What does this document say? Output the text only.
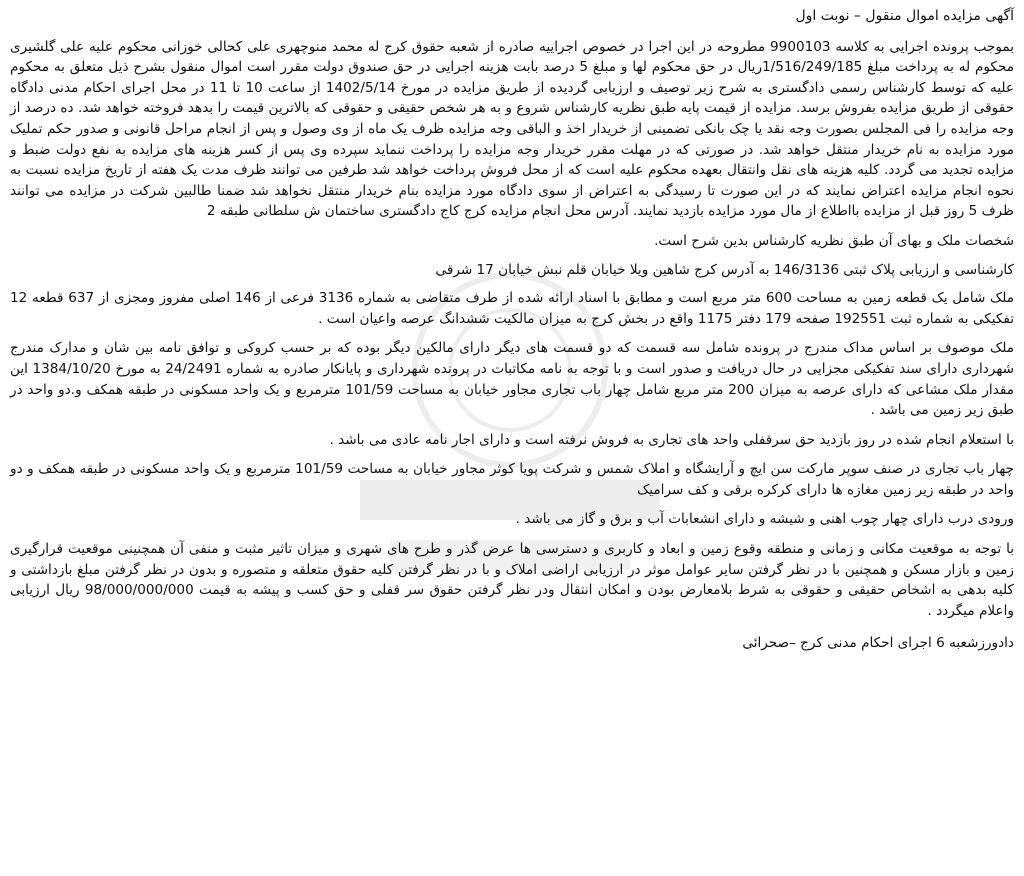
آگهی مزایده اموال منقول – نوبت اول
بموجب پرونده اجرایی به کلاسه 9900103 مطروحه در این اجرا در خصوص اجراییه صادره از شعبه حقوق کرج له محمد منوچهری علی کحالی خوزانی محکوم علیه علی گلشیری محکوم له به پرداخت مبلغ 1/516/249/185ریال در حق محکوم لها و مبلغ 5 درصد بابت هزینه اجرایی در حق صندوق دولت مقرر است اموال منقول بشرح ذیل متعلق به محکوم علیه که توسط کارشناس رسمی دادگستری به شرح زیر توصیف و ارزیابی گردیده از طریق مزایده در مورخ 1402/5/14 از ساعت 10 تا 11 در محل اجرای احکام مدنی دادگاه حقوقی از طریق مزایده بفروش برسد. مزایده از قیمت پایه طبق نظریه کارشناس شروع و به هر شخص حقیقی و حقوقی که بالاترین قیمت را بدهد فروخته خواهد شد. ده درصد از وجه مزایده را فی المجلس بصورت وجه نقد یا چک بانکی تضمینی از خریدار اخذ و الباقی وجه مزایده ظرف یک ماه از وی وصول و پس از انجام مراحل قانونی و صدور حکم تملیک مورد مزایده به نام خریدار منتقل خواهد شد. در صورتی که در مهلت مقرر خریدار وجه مزایده را پرداخت ننماید سپرده وی پس از کسر هزینه های مزایده به نفع دولت ضبط و مزایده تجدید می گردد. کلیه هزینه های نقل وانتقال بعهده محکوم علیه است که از محل فروش پرداخت خواهد شد طرفین می توانند ظرف مدت یک هفته از تاریخ مزایده نسبت به نحوه انجام مزایده اعتراض نمایند که در این صورت تا رسیدگی به اعتراض از سوی دادگاه مورد مزایده بنام خریدار منتقل نخواهد شد ضمنا طالبین شرکت در مزایده می توانند ظرف 5 روز قبل از مزایده بااطلاع از مال مورد مزایده بازدید نمایند. آدرس محل انجام مزایده کرج کاج دادگستری ساختمان ش سلطانی طبقه 2
شخصات ملک و بهای آن طبق نظریه کارشناس بدین شرح است.
کارشناسی و ارزیابی پلاک ثبتی 146/3136 به آدرس کرج شاهین ویلا خیابان قلم نبش خیابان 17 شرقی
ملک شامل یک قطعه زمین به مساحت 600 متر مربع است و مطابق با اسناد ارائه شده از طرف متقاضی به شماره 3136 فرعی از 146 اصلی مفروز ومجزی از 637 قطعه 12 تفکیکی به شماره ثبت 192551 صفحه 179 دفتر 1175 واقع در بخش کرج به میزان مالکیت ششدانگ عرصه واعیان است .
ملک موصوف بر اساس مداک مندرج در پرونده شامل سه قسمت که دو قسمت های دیگر دارای مالکین دیگر بوده که بر حسب کروکی و توافق نامه بین شان و مدارک مندرج شهرداری دارای سند تفکیکی مجزایی در حال دریافت و صدور است و با توجه به نامه مکاتبات در پرونده شهرداری و پایانکار صادره به شماره 24/2491 به مورخ 1384/10/20 این مقدار ملک مشاعی که دارای عرصه به میزان 200 متر مربع شامل چهار باب تجاری مجاور خیابان به مساحت 101/59 مترمربع و یک واحد مسکونی در طبقه همکف و.دو واحد در طبق زیر زمین می باشد .
با استعلام انجام شده در روز بازدید حق سرقفلی واحد های تجاری به فروش نرفته است و دارای اجار نامه عادی می باشد .
چهار باب تجاری در صنف سوپر مارکت سن ایچ و آرایشگاه و املاک شمس و شرکت پویا کوثر مجاور خیابان به مساحت 101/59 مترمربع و یک واحد مسکونی در طبقه همکف و دو واحد در طبقه زیر زمین مغازه ها دارای کرکره برقی و کف سرامیک
ورودی درب دارای چهار چوب اهنی و شیشه و دارای انشعابات آب و برق و گاز می باشد .
با توجه به موقعیت مکانی و زمانی و منطقه وقوع زمین و ابعاد و کاربری و دسترسی ها عرض گذر و طرح های شهری و میزان تاثیر مثبت و منفی آن همچنینی موقعیت قرارگیری زمین و بازار مسکن و همچنین با در نظر گرفتن سایر عوامل موثر در ارزیابی اراضی املاک و با در نظر گرفتن کلیه حقوق متعلقه و متصوره و بدون در نظر گرفتن مبلغ بازداشتی و کلیه بدهی به اشخاص حقیقی و حقوقی به شرط بلامعارض بودن و امکان انتقال ودر نظر گرفتن حقوق سر قفلی و حق کسب و پیشه به قیمت 98/000/000/000 ریال ارزیابی واعلام میگردد .
دادورزشعبه 6 اجرای احکام مدنی کرج –صحرائی
